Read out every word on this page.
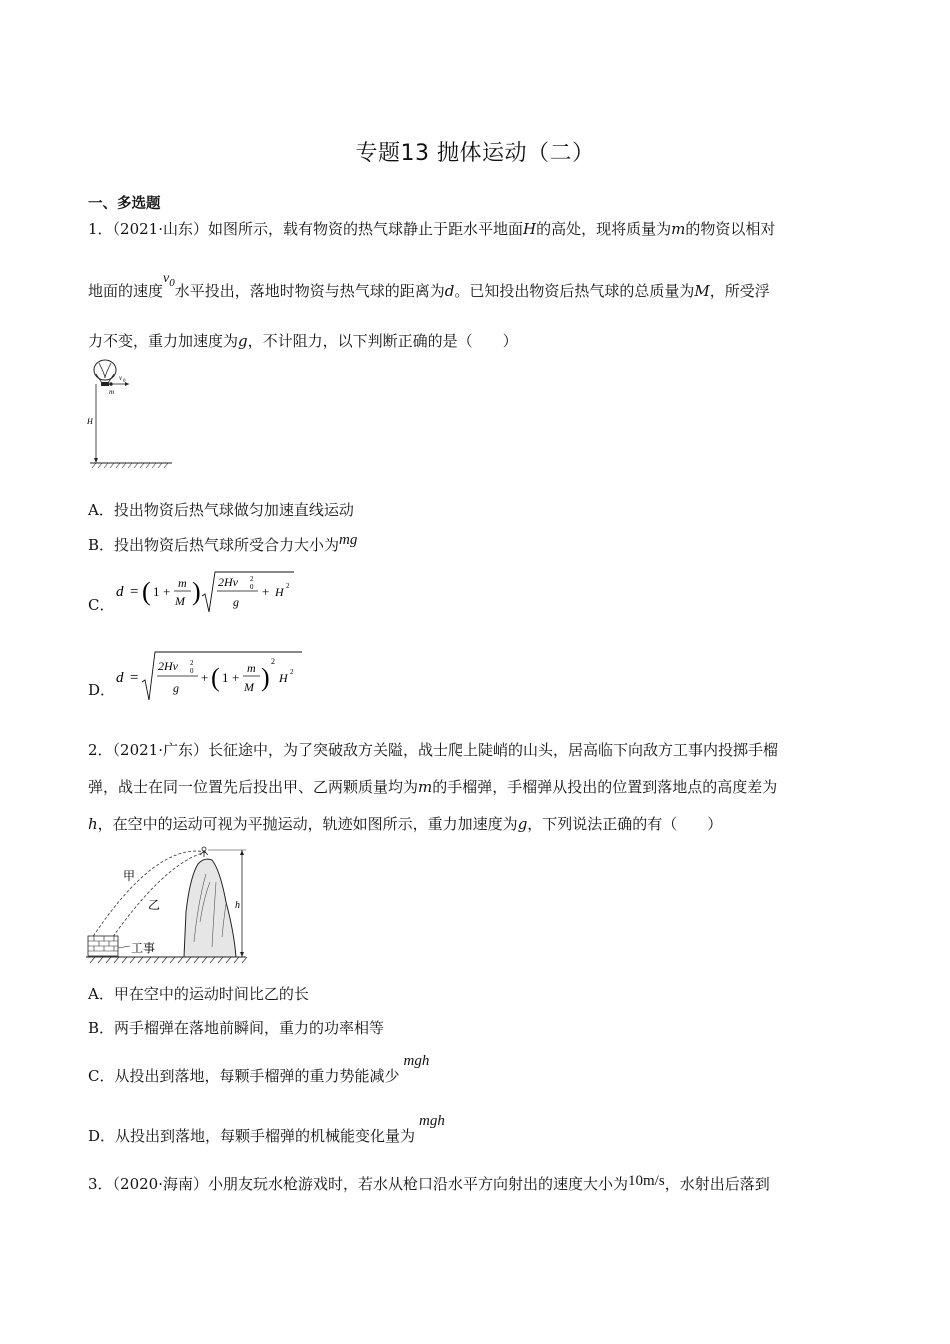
专题13 抛体运动（二）
一、多选题
1．（2021·山东）如图所示，载有物资的热气球静止于距水平地面H的高处，现将质量为m的物资以相对
地面的速度$v_0$水平投出，落地时物资与热气球的距离为d。已知投出物资后热气球的总质量为M，所受浮
力不变，重力加速度为g，不计阻力，以下判断正确的是（　　）
v 0
m
H
A．投出物资后热气球做匀加速直线运动
B．投出物资后热气球所受合力大小为mg
C．
d = ( 1 +
m
M ) 2Hv 2
0
g
+ H 2
D．
d =
2Hv 2
0
g
+ ( 1 +
m
M )
2
H 2
2．（2021·广东）长征途中，为了突破敌方关隘，战士爬上陡峭的山头，居高临下向敌方工事内投掷手榴
弹，战士在同一位置先后投出甲、乙两颗质量均为m的手榴弹，手榴弹从投出的位置到落地点的高度差为
h，在空中的运动可视为平抛运动，轨迹如图所示，重力加速度为g，下列说法正确的有（　　）
甲
乙	h
工事
A．甲在空中的运动时间比乙的长
B．两手榴弹在落地前瞬间，重力的功率相等
C．从投出到落地，每颗手榴弹的重力势能减少mgh
D．从投出到落地，每颗手榴弹的机械能变化量为mgh
3．（2020·海南）小朋友玩水枪游戏时，若水从枪口沿水平方向射出的速度大小为10m/s，水射出后落到
